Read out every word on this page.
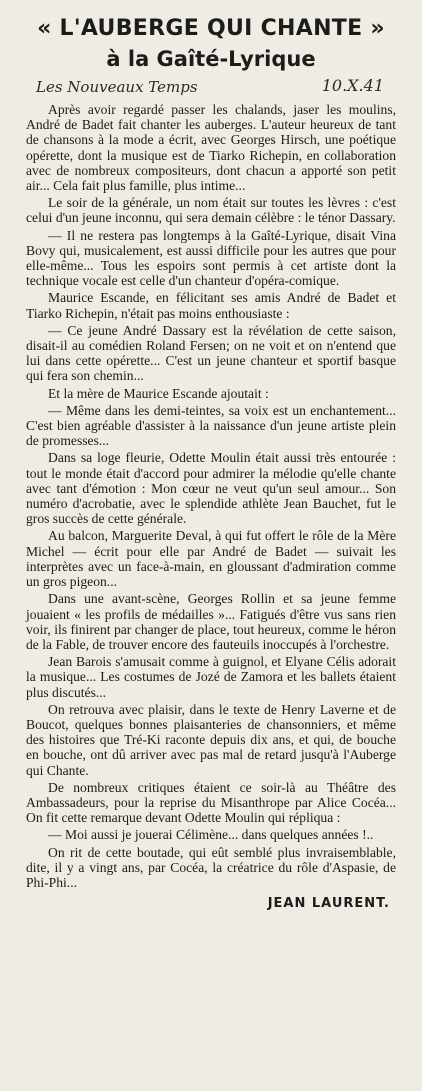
« L'AUBERGE QUI CHANTE »
à la Gaîté-Lyrique
Les Nouveaux Temps	10.X.41

Après avoir regardé passer les chalands, jaser les moulins, André de Badet fait chanter les auberges. L'auteur heureux de tant de chansons à la mode a écrit, avec Georges Hirsch, une poétique opérette, dont la musique est de Tiarko Richepin, en collaboration avec de nombreux compositeurs, dont chacun a apporté son petit air... Cela fait plus famille, plus intime...

Le soir de la générale, un nom était sur toutes les lèvres : c'est celui d'un jeune inconnu, qui sera demain célèbre : le ténor Dassary.

— Il ne restera pas longtemps à la Gaîté-Lyrique, disait Vina Bovy qui, musicalement, est aussi difficile pour les autres que pour elle-même... Tous les espoirs sont permis à cet artiste dont la technique vocale est celle d'un chanteur d'opéra-comique.

Maurice Escande, en félicitant ses amis André de Badet et Tiarko Richepin, n'était pas moins enthousiaste :

— Ce jeune André Dassary est la révélation de cette saison, disait-il au comédien Roland Fersen; on ne voit et on n'entend que lui dans cette opérette... C'est un jeune chanteur et sportif basque qui fera son chemin...

Et la mère de Maurice Escande ajoutait :

— Même dans les demi-teintes, sa voix est un enchantement... C'est bien agréable d'assister à la naissance d'un jeune artiste plein de promesses...

Dans sa loge fleurie, Odette Moulin était aussi très entourée : tout le monde était d'accord pour admirer la mélodie qu'elle chante avec tant d'émotion : Mon cœur ne veut qu'un seul amour... Son numéro d'acrobatie, avec le splendide athlète Jean Bauchet, fut le gros succès de cette générale.

Au balcon, Marguerite Deval, à qui fut offert le rôle de la Mère Michel — écrit pour elle par André de Badet — suivait les interprètes avec un face-à-main, en gloussant d'admiration comme un gros pigeon...

Dans une avant-scène, Georges Rollin et sa jeune femme jouaient « les profils de médailles »... Fatigués d'être vus sans rien voir, ils finirent par changer de place, tout heureux, comme le héron de la Fable, de trouver encore des fauteuils inoccupés à l'orchestre.

Jean Barois s'amusait comme à guignol, et Elyane Célis adorait la musique... Les costumes de Jozé de Zamora et les ballets étaient plus discutés...

On retrouva avec plaisir, dans le texte de Henry Laverne et de Boucot, quelques bonnes plaisanteries de chansonniers, et même des histoires que Tré-Ki raconte depuis dix ans, et qui, de bouche en bouche, ont dû arriver avec pas mal de retard jusqu'à l'Auberge qui Chante.

De nombreux critiques étaient ce soir-là au Théâtre des Ambassadeurs, pour la reprise du Misanthrope par Alice Cocéa... On fit cette remarque devant Odette Moulin qui répliqua :

— Moi aussi je jouerai Célimène... dans quelques années !..

On rit de cette boutade, qui eût semblé plus invraisemblable, dite, il y a vingt ans, par Cocéa, la créatrice du rôle d'Aspasie, de Phi-Phi...

JEAN LAURENT.
